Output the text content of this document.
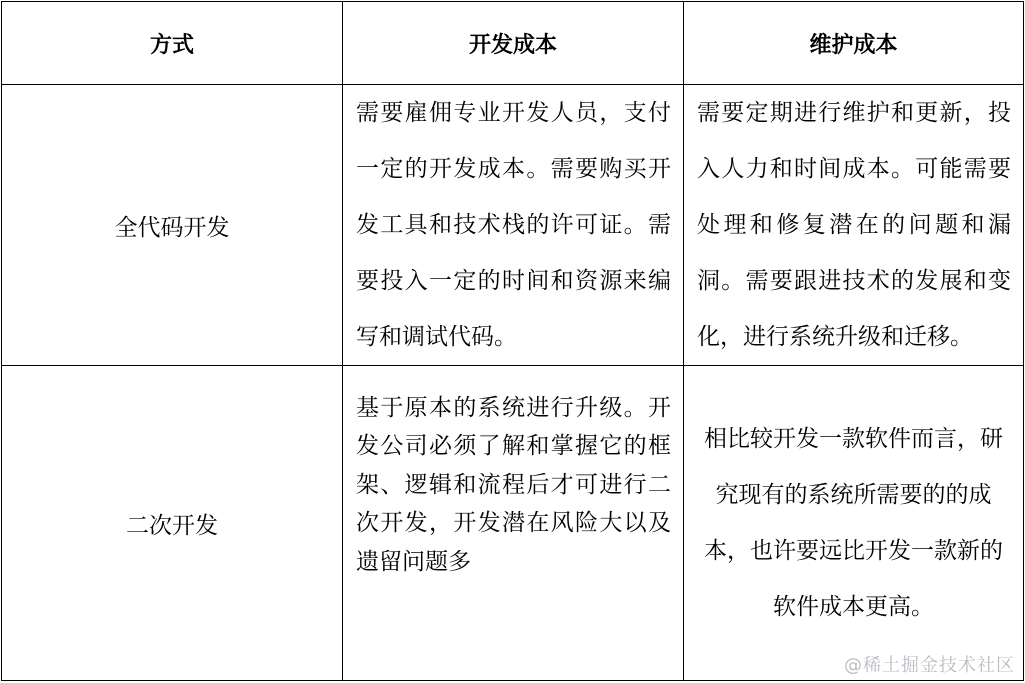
方式	开发成本	维护成本
全代码开发	需要雇佣专业开发人员，支付一定的开发成本。需要购买开发工具和技术栈的许可证。需要投入一定的时间和资源来编写和调试代码。	需要定期进行维护和更新，投入人力和时间成本。可能需要处理和修复潜在的问题和漏洞。需要跟进技术的发展和变化，进行系统升级和迁移。

二次开发	基于原本的系统进行升级。开发公司必须了解和掌握它的框架、逻辑和流程后才可进行二次开发，开发潜在风险大以及遗留问题多	相比较开发一款软件而言，研究现有的系统所需要的的成本，也许要远比开发一款新的软件成本更高。
@稀土掘金技术社区
